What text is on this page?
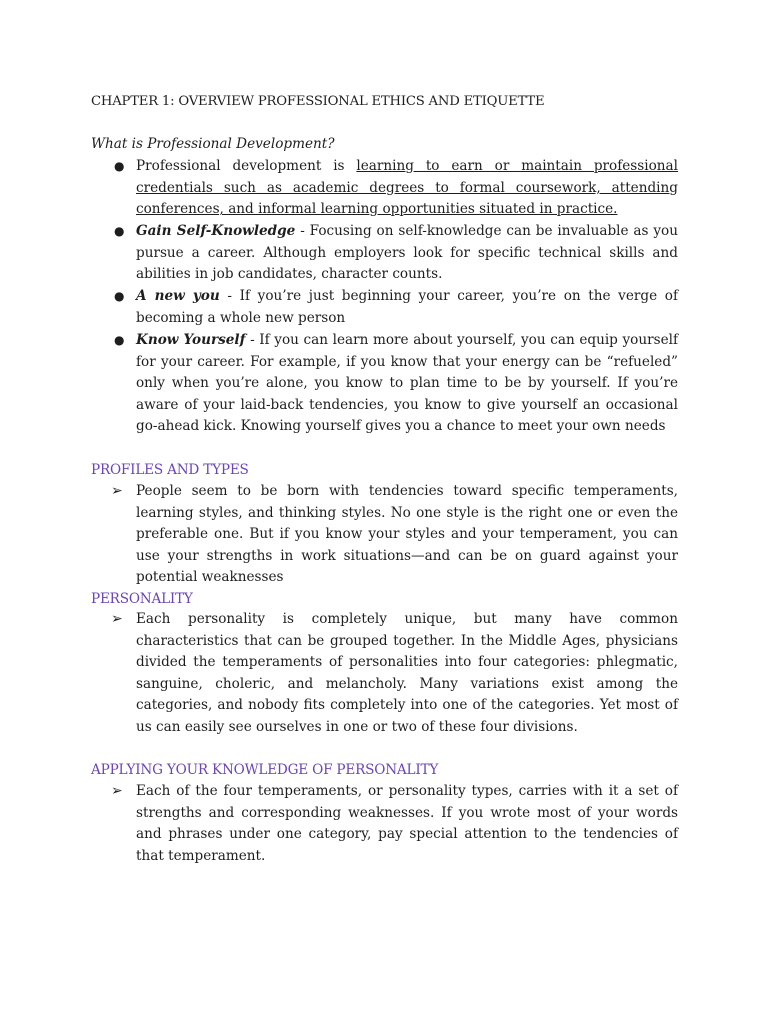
CHAPTER 1: OVERVIEW PROFESSIONAL ETHICS AND ETIQUETTE
What is Professional Development?
● Professional development is learning to earn or maintain professional credentials such as academic degrees to formal coursework, attending conferences, and informal learning opportunities situated in practice.
● Gain Self-Knowledge - Focusing on self-knowledge can be invaluable as you pursue a career. Although employers look for specific technical skills and abilities in job candidates, character counts.
● A new you - If you’re just beginning your career, you’re on the verge of becoming a whole new person
● Know Yourself - If you can learn more about yourself, you can equip yourself for your career. For example, if you know that your energy can be “refueled” only when you’re alone, you know to plan time to be by yourself. If you’re aware of your laid-back tendencies, you know to give yourself an occasional go-ahead kick. Knowing yourself gives you a chance to meet your own needs
PROFILES AND TYPES
➢ People seem to be born with tendencies toward specific temperaments, learning styles, and thinking styles. No one style is the right one or even the preferable one. But if you know your styles and your temperament, you can use your strengths in work situations—and can be on guard against your potential weaknesses
PERSONALITY
➢ Each personality is completely unique, but many have common characteristics that can be grouped together. In the Middle Ages, physicians divided the temperaments of personalities into four categories: phlegmatic, sanguine, choleric, and melancholy. Many variations exist among the categories, and nobody fits completely into one of the categories. Yet most of us can easily see ourselves in one or two of these four divisions.
APPLYING YOUR KNOWLEDGE OF PERSONALITY
➢ Each of the four temperaments, or personality types, carries with it a set of strengths and corresponding weaknesses. If you wrote most of your words and phrases under one category, pay special attention to the tendencies of that temperament.
